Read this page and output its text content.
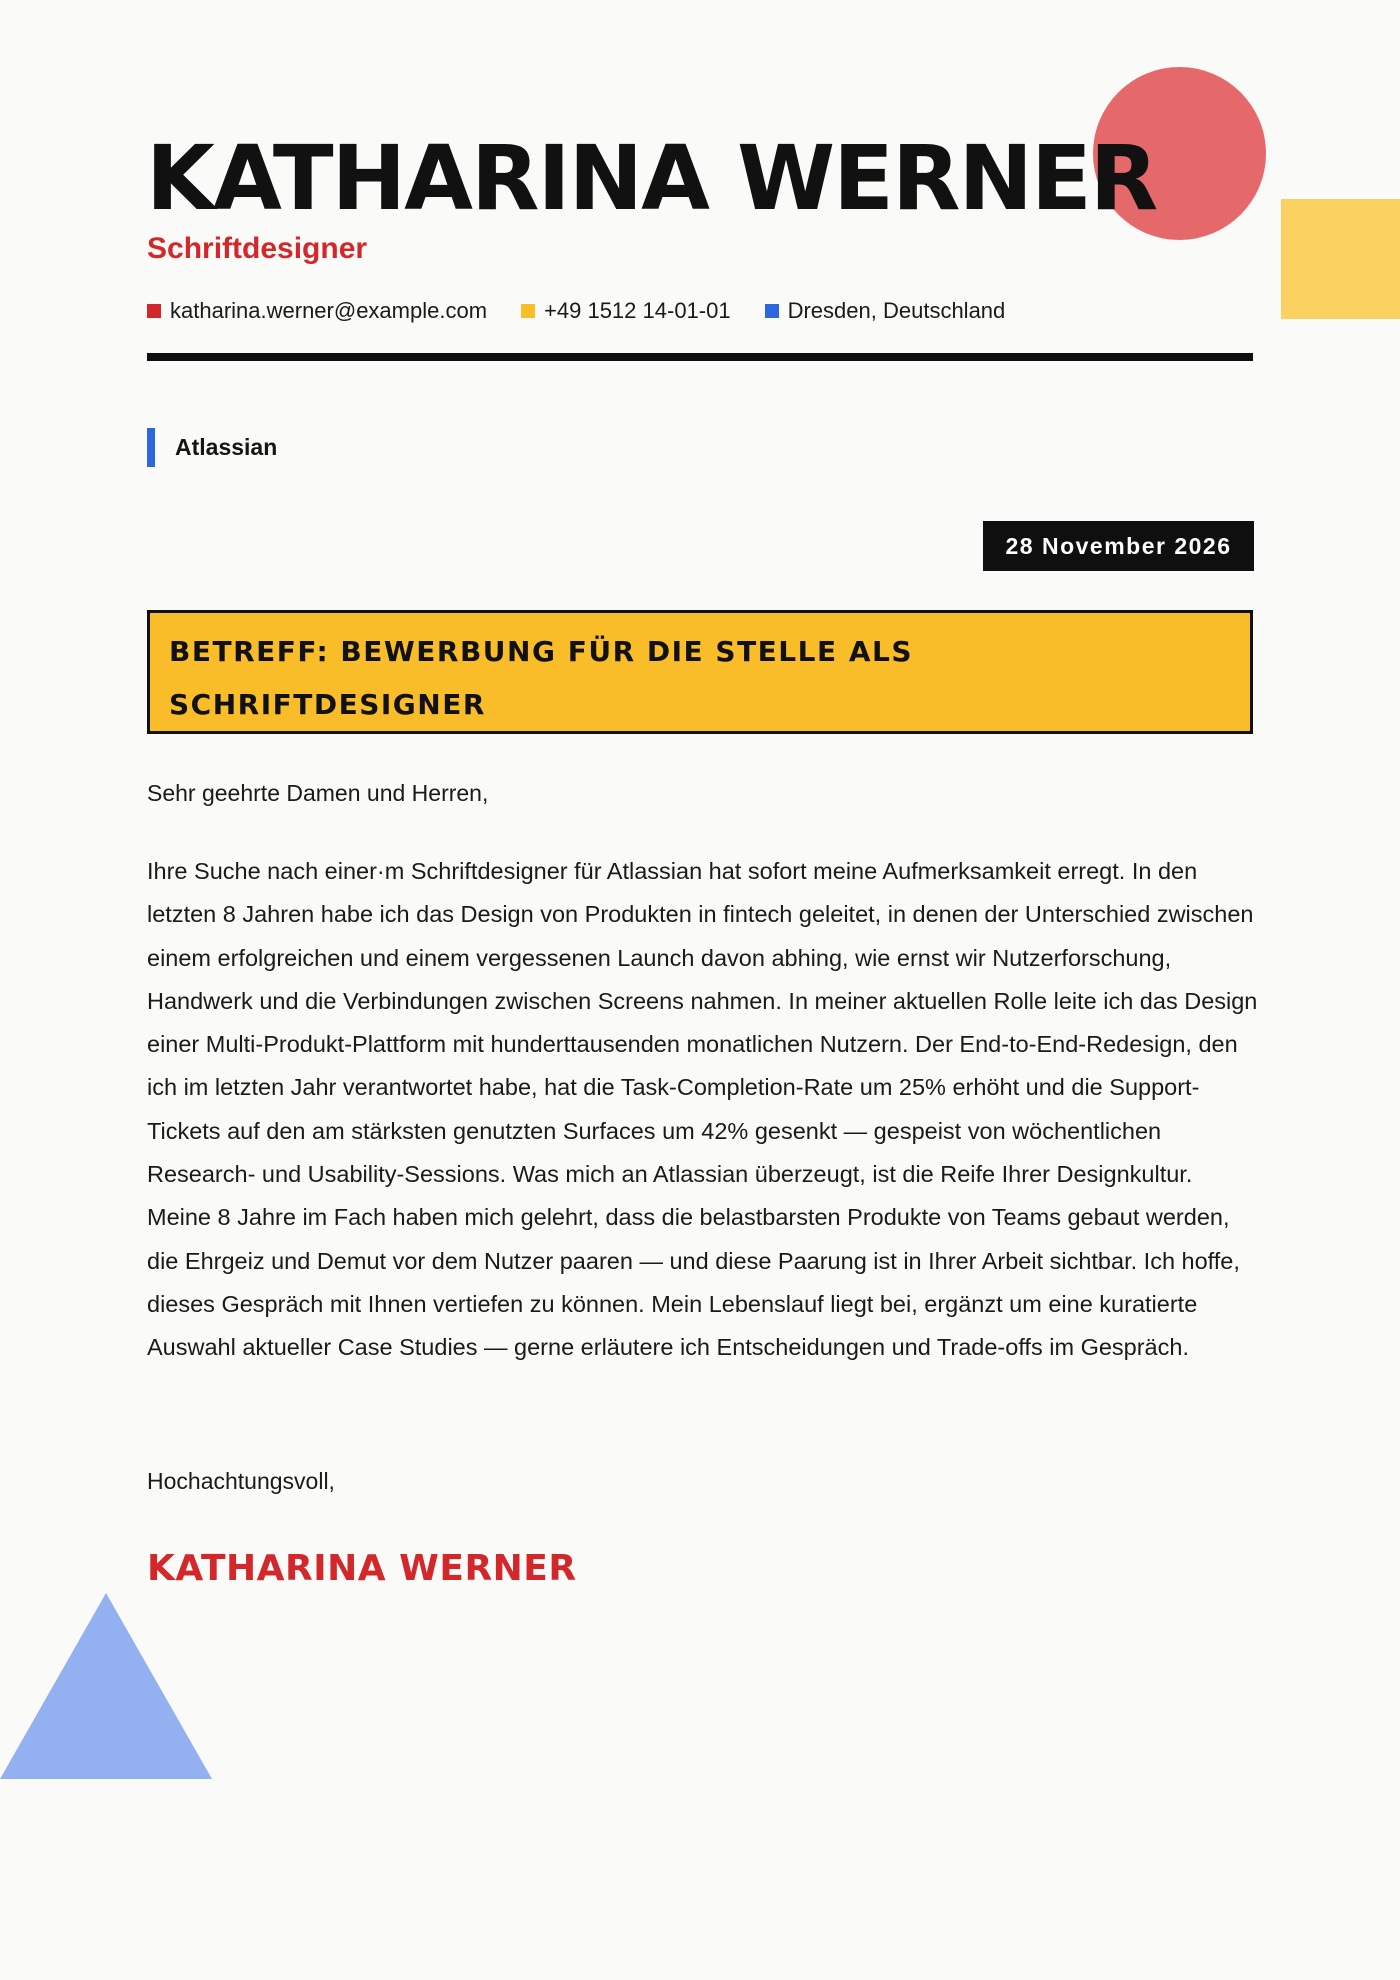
KATHARINA WERNER
Schriftdesigner
katharina.werner@example.com	+49 1512 14-01-01	Dresden, Deutschland
Atlassian
28 November 2026
BETREFF: BEWERBUNG FÜR DIE STELLE ALS SCHRIFTDESIGNER
Sehr geehrte Damen und Herren,

Ihre Suche nach einer·m Schriftdesigner für Atlassian hat sofort meine Aufmerksamkeit erregt. In den letzten 8 Jahren habe ich das Design von Produkten in fintech geleitet, in denen der Unterschied zwischen einem erfolgreichen und einem vergessenen Launch davon abhing, wie ernst wir Nutzerforschung, Handwerk und die Verbindungen zwischen Screens nahmen. In meiner aktuellen Rolle leite ich das Design einer Multi-Produkt-Plattform mit hunderttausenden monatlichen Nutzern. Der End-to-End-Redesign, den ich im letzten Jahr verantwortet habe, hat die Task-Completion-Rate um 25% erhöht und die Support-Tickets auf den am stärksten genutzten Surfaces um 42% gesenkt — gespeist von wöchentlichen Research- und Usability-Sessions. Was mich an Atlassian überzeugt, ist die Reife Ihrer Designkultur. Meine 8 Jahre im Fach haben mich gelehrt, dass die belastbarsten Produkte von Teams gebaut werden, die Ehrgeiz und Demut vor dem Nutzer paaren — und diese Paarung ist in Ihrer Arbeit sichtbar. Ich hoffe, dieses Gespräch mit Ihnen vertiefen zu können. Mein Lebenslauf liegt bei, ergänzt um eine kuratierte Auswahl aktueller Case Studies — gerne erläutere ich Entscheidungen und Trade-offs im Gespräch.

Hochachtungsvoll,
KATHARINA WERNER
